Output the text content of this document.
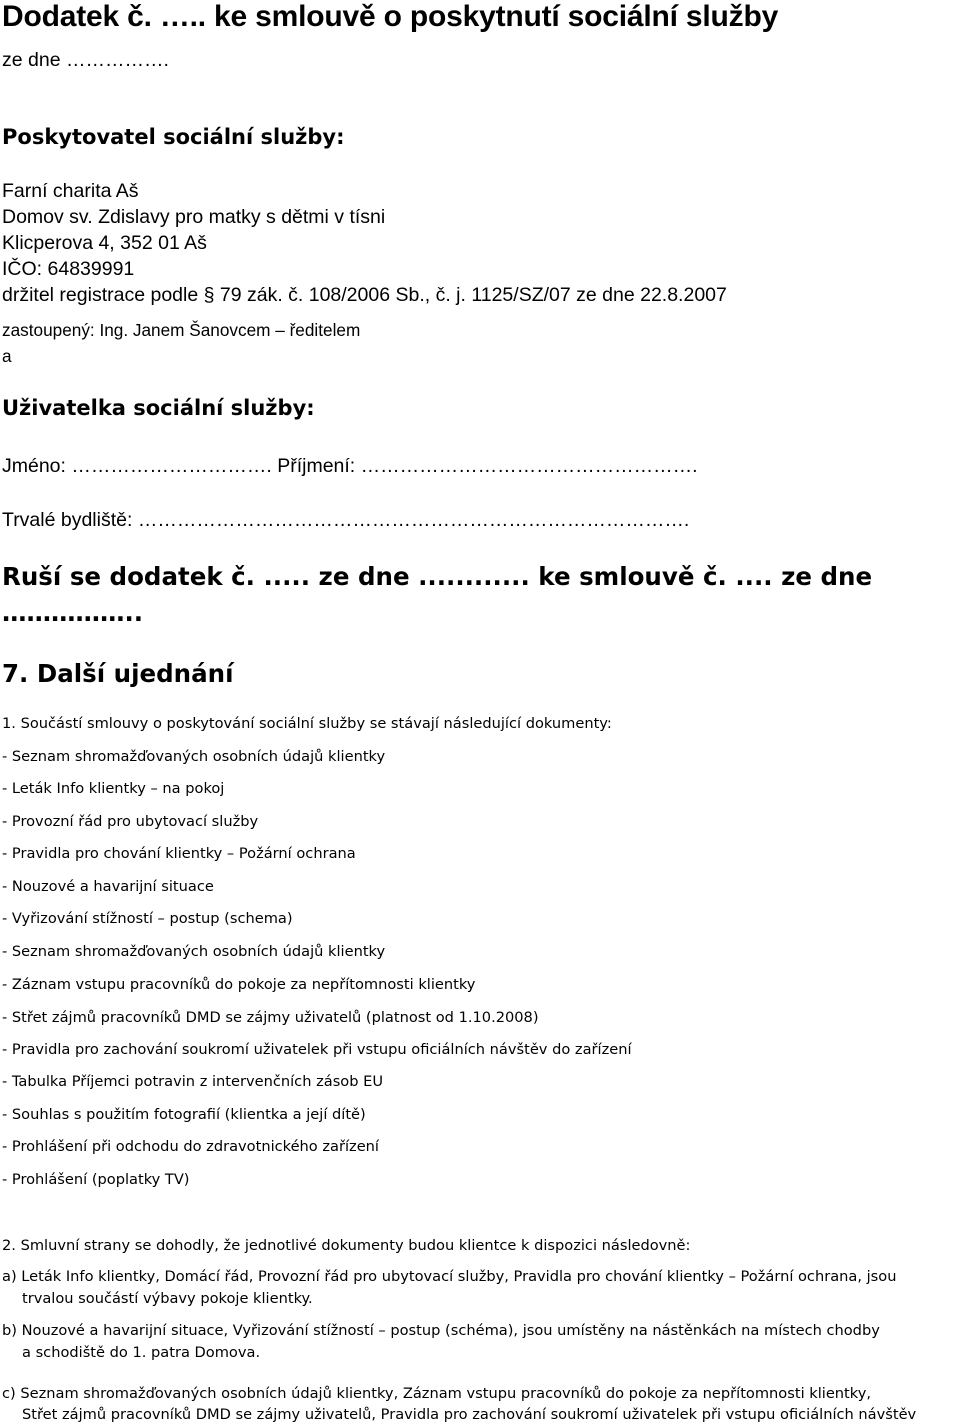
Dodatek č. ….. ke smlouvě o poskytnutí sociální služby
ze dne …………….
Poskytovatel sociální služby:
Farní charita Aš
Domov sv. Zdislavy pro matky s dětmi v tísni
Klicperova 4, 352 01 Aš
IČO: 64839991
držitel registrace podle § 79 zák. č. 108/2006 Sb., č. j. 1125/SZ/07 ze dne 22.8.2007
zastoupený: Ing. Janem Šanovcem – ředitelem
a
Uživatelka sociální služby:
Jméno: …………………………. Příjmení: …………………………………………….
Trvalé bydliště: ………………………………………………………………………….
Ruší se dodatek č. ..... ze dne ............ ke smlouvě č. .... ze dne
……………..
7. Další ujednání
1. Součástí smlouvy o poskytování sociální služby se stávají následující dokumenty:
- Seznam shromažďovaných osobních údajů klientky
- Leták Info klientky – na pokoj
- Provozní řád pro ubytovací služby
- Pravidla pro chování klientky – Požární ochrana
- Nouzové a havarijní situace
- Vyřizování stížností – postup (schema)
- Seznam shromažďovaných osobních údajů klientky
- Záznam vstupu pracovníků do pokoje za nepřítomnosti klientky
- Střet zájmů pracovníků DMD se zájmy uživatelů (platnost od 1.10.2008)
- Pravidla pro zachování soukromí uživatelek při vstupu oficiálních návštěv do zařízení
- Tabulka Příjemci potravin z intervenčních zásob EU
- Souhlas s použitím fotografií (klientka a její dítě)
- Prohlášení při odchodu do zdravotnického zařízení
- Prohlášení (poplatky TV)
2. Smluvní strany se dohodly, že jednotlivé dokumenty budou klientce k dispozici následovně:
a) Leták Info klientky, Domácí řád, Provozní řád pro ubytovací služby, Pravidla pro chování klientky – Požární ochrana, jsou
trvalou součástí výbavy pokoje klientky.
b) Nouzové a havarijní situace, Vyřizování stížností – postup (schéma), jsou umístěny na nástěnkách na místech chodby
a schodiště do 1. patra Domova.
c) Seznam shromažďovaných osobních údajů klientky, Záznam vstupu pracovníků do pokoje za nepřítomnosti klientky,
Střet zájmů pracovníků DMD se zájmy uživatelů, Pravidla pro zachování soukromí uživatelek při vstupu oficiálních návštěv
